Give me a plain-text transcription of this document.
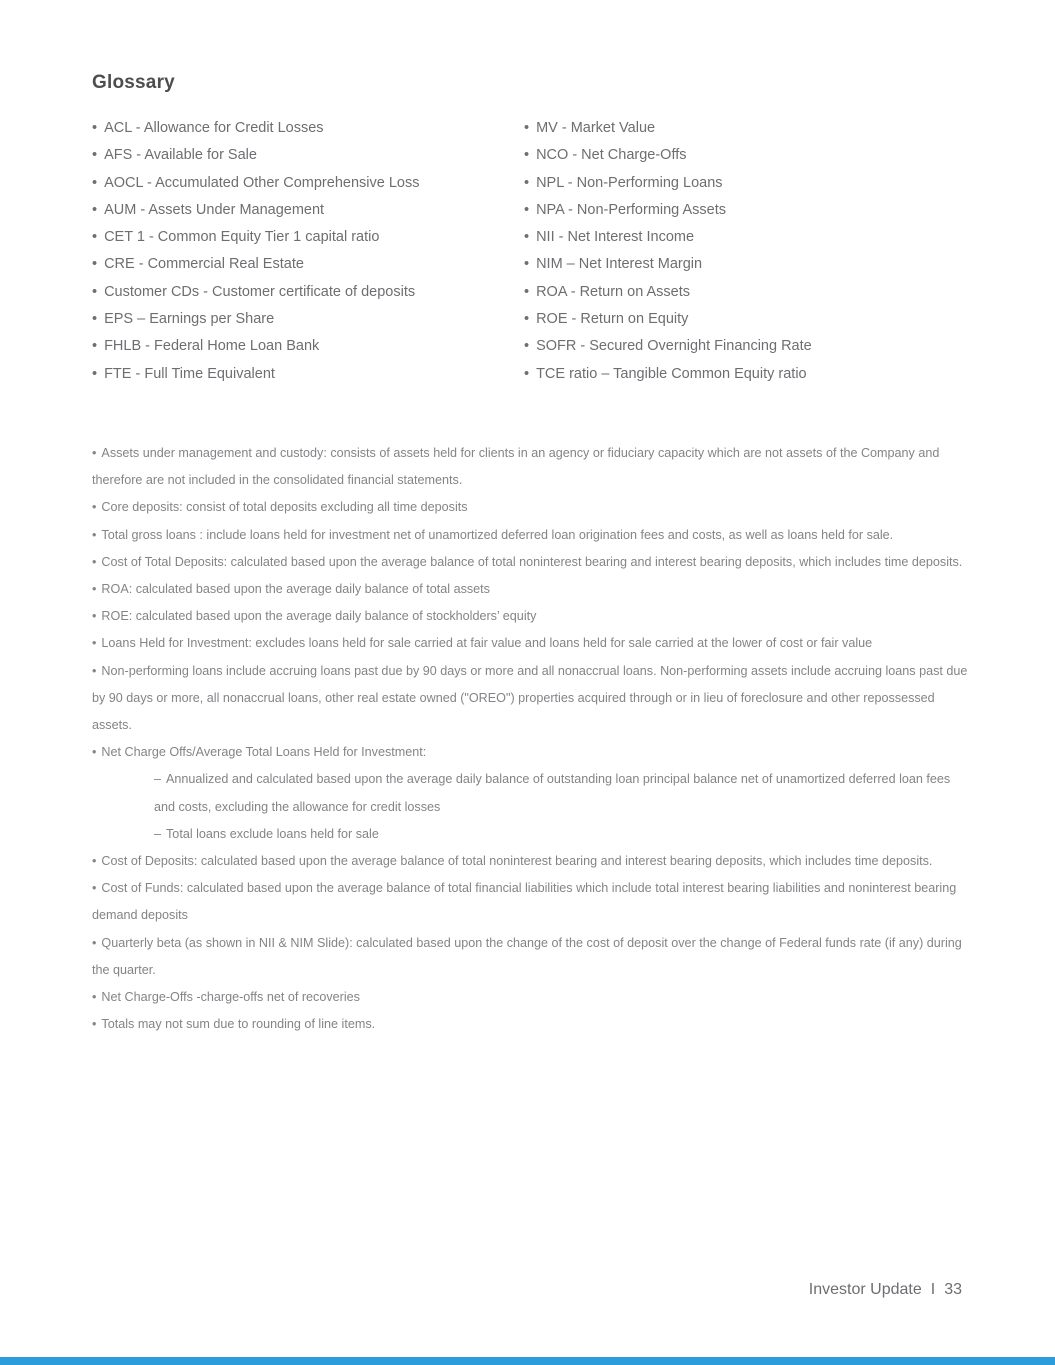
Glossary
• ACL - Allowance for Credit Losses
• AFS - Available for Sale
• AOCL - Accumulated Other Comprehensive Loss
• AUM - Assets Under Management
• CET 1 - Common Equity Tier 1 capital ratio
• CRE - Commercial Real Estate
• Customer CDs - Customer certificate of deposits
• EPS – Earnings per Share
• FHLB - Federal Home Loan Bank
• FTE - Full Time Equivalent
• MV - Market Value
• NCO - Net Charge-Offs
• NPL - Non-Performing Loans
• NPA - Non-Performing Assets
• NII - Net Interest Income
• NIM – Net Interest Margin
• ROA - Return on Assets
• ROE - Return on Equity
• SOFR - Secured Overnight Financing Rate
• TCE ratio – Tangible Common Equity ratio

• Assets under management and custody: consists of assets held for clients in an agency or fiduciary capacity which are not assets of the Company and therefore are not included in the consolidated financial statements.

• Core deposits: consist of total deposits excluding all time deposits

• Total gross loans : include loans held for investment net of unamortized deferred loan origination fees and costs, as well as loans held for sale.

• Cost of Total Deposits: calculated based upon the average balance of total noninterest bearing and interest bearing deposits, which includes time deposits.

• ROA: calculated based upon the average daily balance of total assets

• ROE: calculated based upon the average daily balance of stockholders’ equity

• Loans Held for Investment: excludes loans held for sale carried at fair value and loans held for sale carried at the lower of cost or fair value

• Non-performing loans include accruing loans past due by 90 days or more and all nonaccrual loans. Non-performing assets include accruing loans past due by 90 days or more, all nonaccrual loans, other real estate owned ("OREO") properties acquired through or in lieu of foreclosure and other repossessed assets.

• Net Charge Offs/Average Total Loans Held for Investment:

– Annualized and calculated based upon the average daily balance of outstanding loan principal balance net of unamortized deferred loan fees and costs, excluding the allowance for credit losses

– Total loans exclude loans held for sale

• Cost of Deposits: calculated based upon the average balance of total noninterest bearing and interest bearing deposits, which includes time deposits.

• Cost of Funds: calculated based upon the average balance of total financial liabilities which include total interest bearing liabilities and noninterest bearing demand deposits

• Quarterly beta (as shown in NII & NIM Slide): calculated based upon the change of the cost of deposit over the change of Federal funds rate (if any) during the quarter.

• Net Charge-Offs -charge-offs net of recoveries

• Totals may not sum due to rounding of line items.

Investor Update I 33
